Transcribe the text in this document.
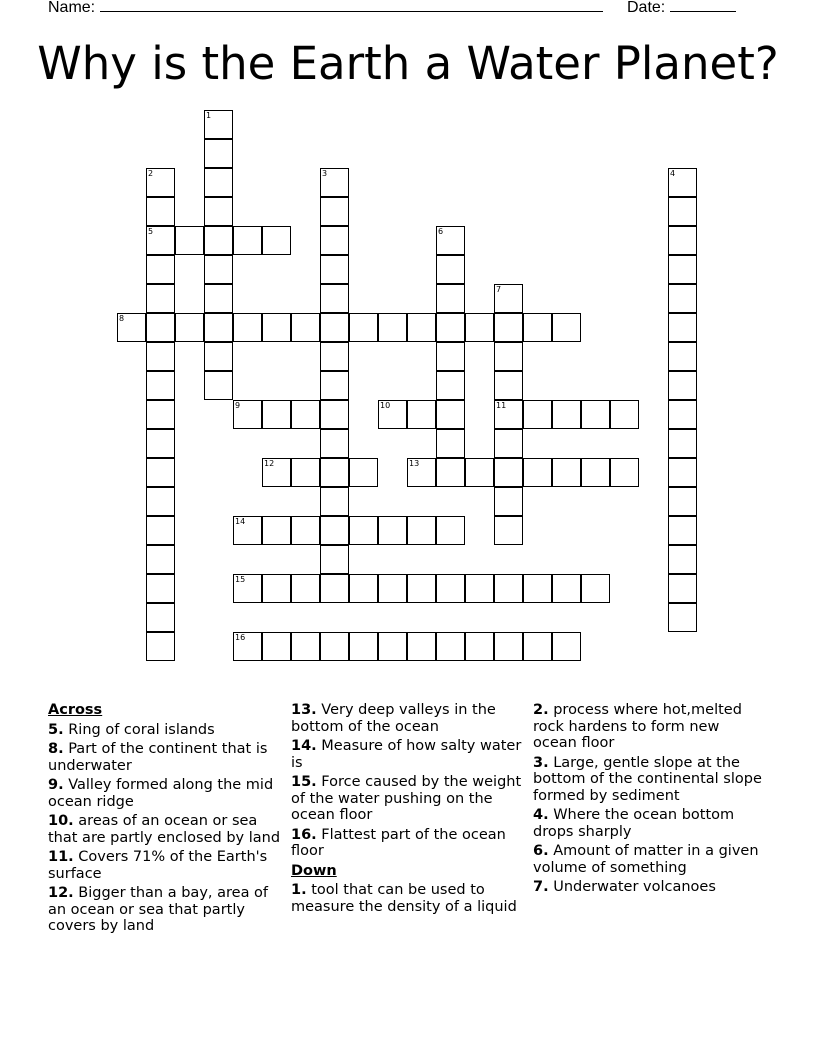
Name:	Date:
Why is the Earth a Water Planet?
1
2
5
3	4
6
7
11
8
9	10
12	13
14
15
16
Across
5. Ring of coral islands
8. Part of the continent that is underwater
9. Valley formed along the mid ocean ridge
10. areas of an ocean or sea that are partly enclosed by land
11. Covers 71% of the Earth's surface
12. Bigger than a bay, area of an ocean or sea that partly covers by land
13. Very deep valleys in the bottom of the ocean
14. Measure of how salty water is
15. Force caused by the weight of the water pushing on the ocean floor
16. Flattest part of the ocean floor
Down
1. tool that can be used to measure the density of a liquid
2. process where hot,melted rock hardens to form new ocean floor
3. Large, gentle slope at the bottom of the continental slope formed by sediment
4. Where the ocean bottom drops sharply
6. Amount of matter in a given volume of something
7. Underwater volcanoes
